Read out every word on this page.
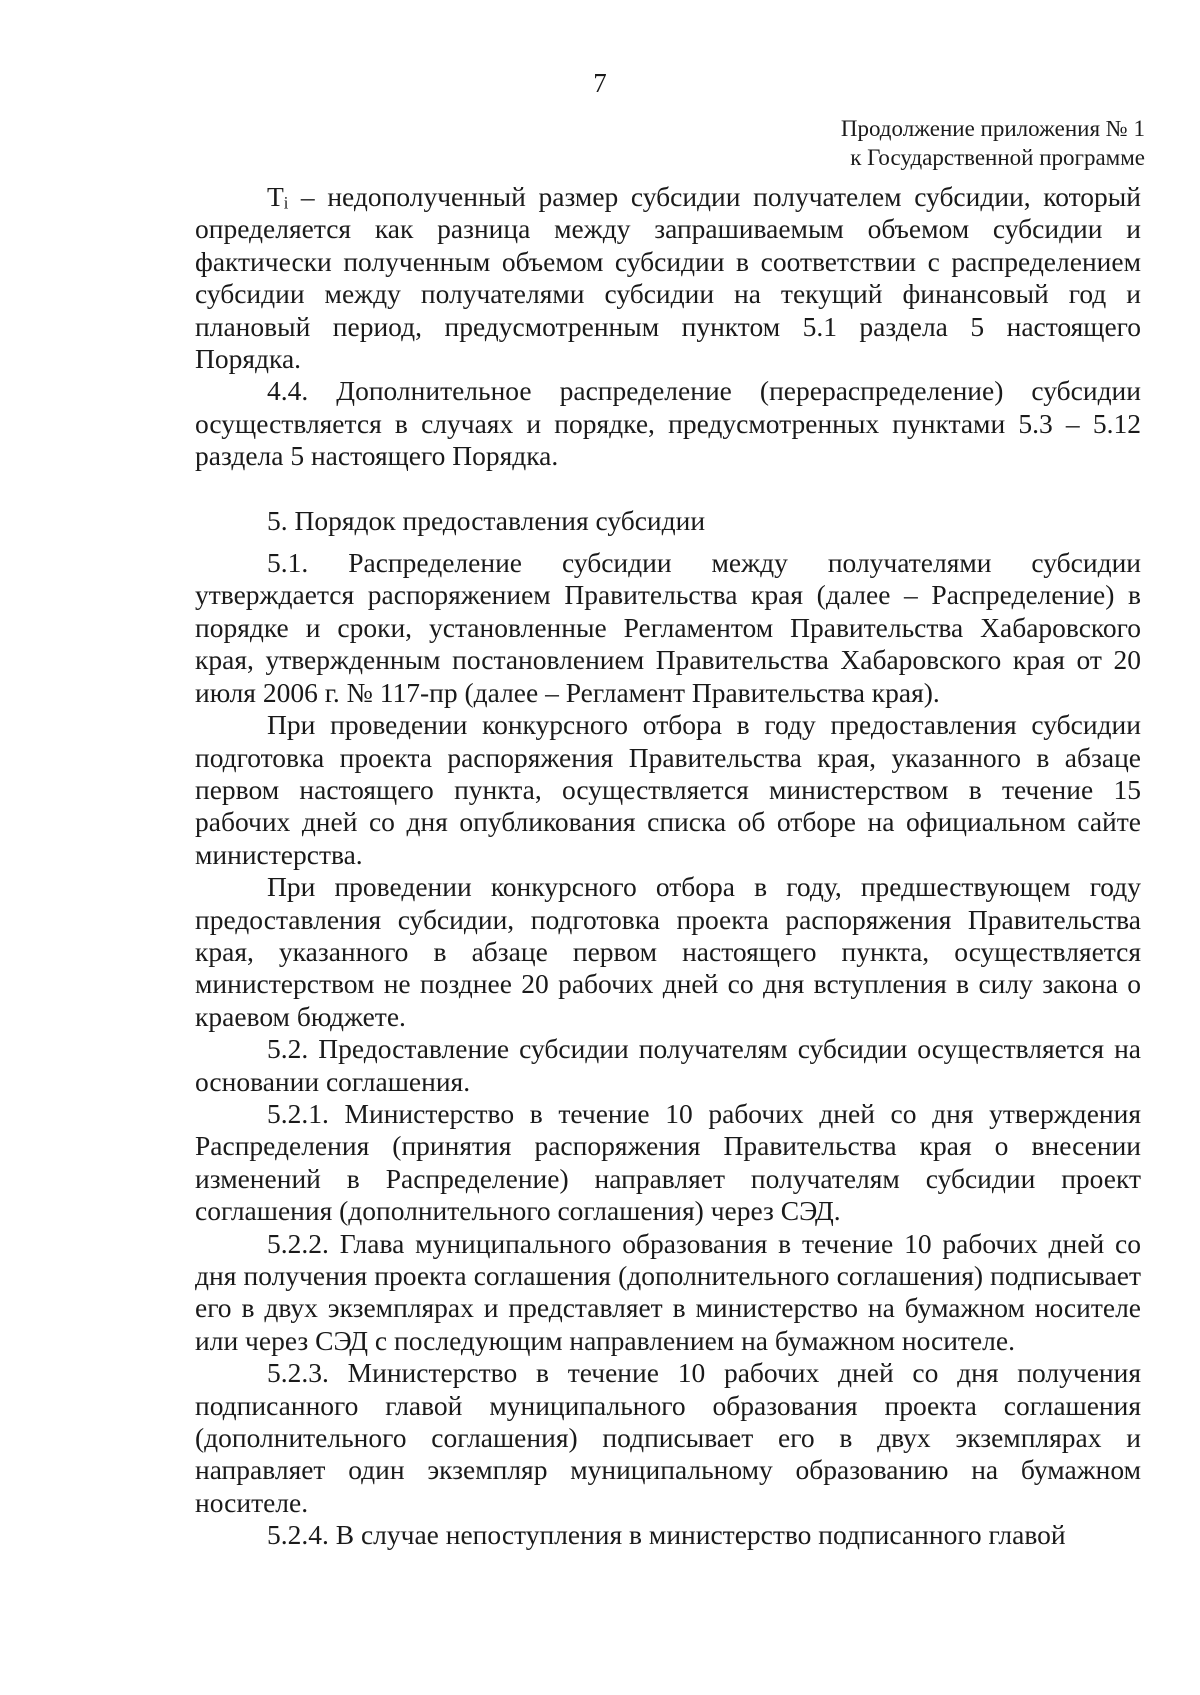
7
Продолжение приложения № 1
к Государственной программе

Тᵢ – недополученный размер субсидии получателем субсидии, который определяется как разница между запрашиваемым объемом субсидии и фактически полученным объемом субсидии в соответствии с распределением субсидии между получателями субсидии на текущий финансовый год и плановый период, предусмотренным пунктом 5.1 раздела 5 настоящего Порядка.

4.4. Дополнительное распределение (перераспределение) субсидии осуществляется в случаях и порядке, предусмотренных пунктами 5.3 – 5.12 раздела 5 настоящего Порядка.

5. Порядок предоставления субсидии

5.1. Распределение субсидии между получателями субсидии утверждается распоряжением Правительства края (далее – Распределение) в порядке и сроки, установленные Регламентом Правительства Хабаровского края, утвержденным постановлением Правительства Хабаровского края от 20 июля 2006 г. № 117-пр (далее – Регламент Правительства края).

При проведении конкурсного отбора в году предоставления субсидии подготовка проекта распоряжения Правительства края, указанного в абзаце первом настоящего пункта, осуществляется министерством в течение 15 рабочих дней со дня опубликования списка об отборе на официальном сайте министерства.

При проведении конкурсного отбора в году, предшествующем году предоставления субсидии, подготовка проекта распоряжения Правительства края, указанного в абзаце первом настоящего пункта, осуществляется министерством не позднее 20 рабочих дней со дня вступления в силу закона о краевом бюджете.

5.2. Предоставление субсидии получателям субсидии осуществляется на основании соглашения.

5.2.1. Министерство в течение 10 рабочих дней со дня утверждения Распределения (принятия распоряжения Правительства края о внесении изменений в Распределение) направляет получателям субсидии проект соглашения (дополнительного соглашения) через СЭД.

5.2.2. Глава муниципального образования в течение 10 рабочих дней со дня получения проекта соглашения (дополнительного соглашения) подписывает его в двух экземплярах и представляет в министерство на бумажном носителе или через СЭД с последующим направлением на бумажном носителе.

5.2.3. Министерство в течение 10 рабочих дней со дня получения подписанного главой муниципального образования проекта соглашения (дополнительного соглашения) подписывает его в двух экземплярах и направляет один экземпляр муниципальному образованию на бумажном носителе.

5.2.4. В случае непоступления в министерство подписанного главой
